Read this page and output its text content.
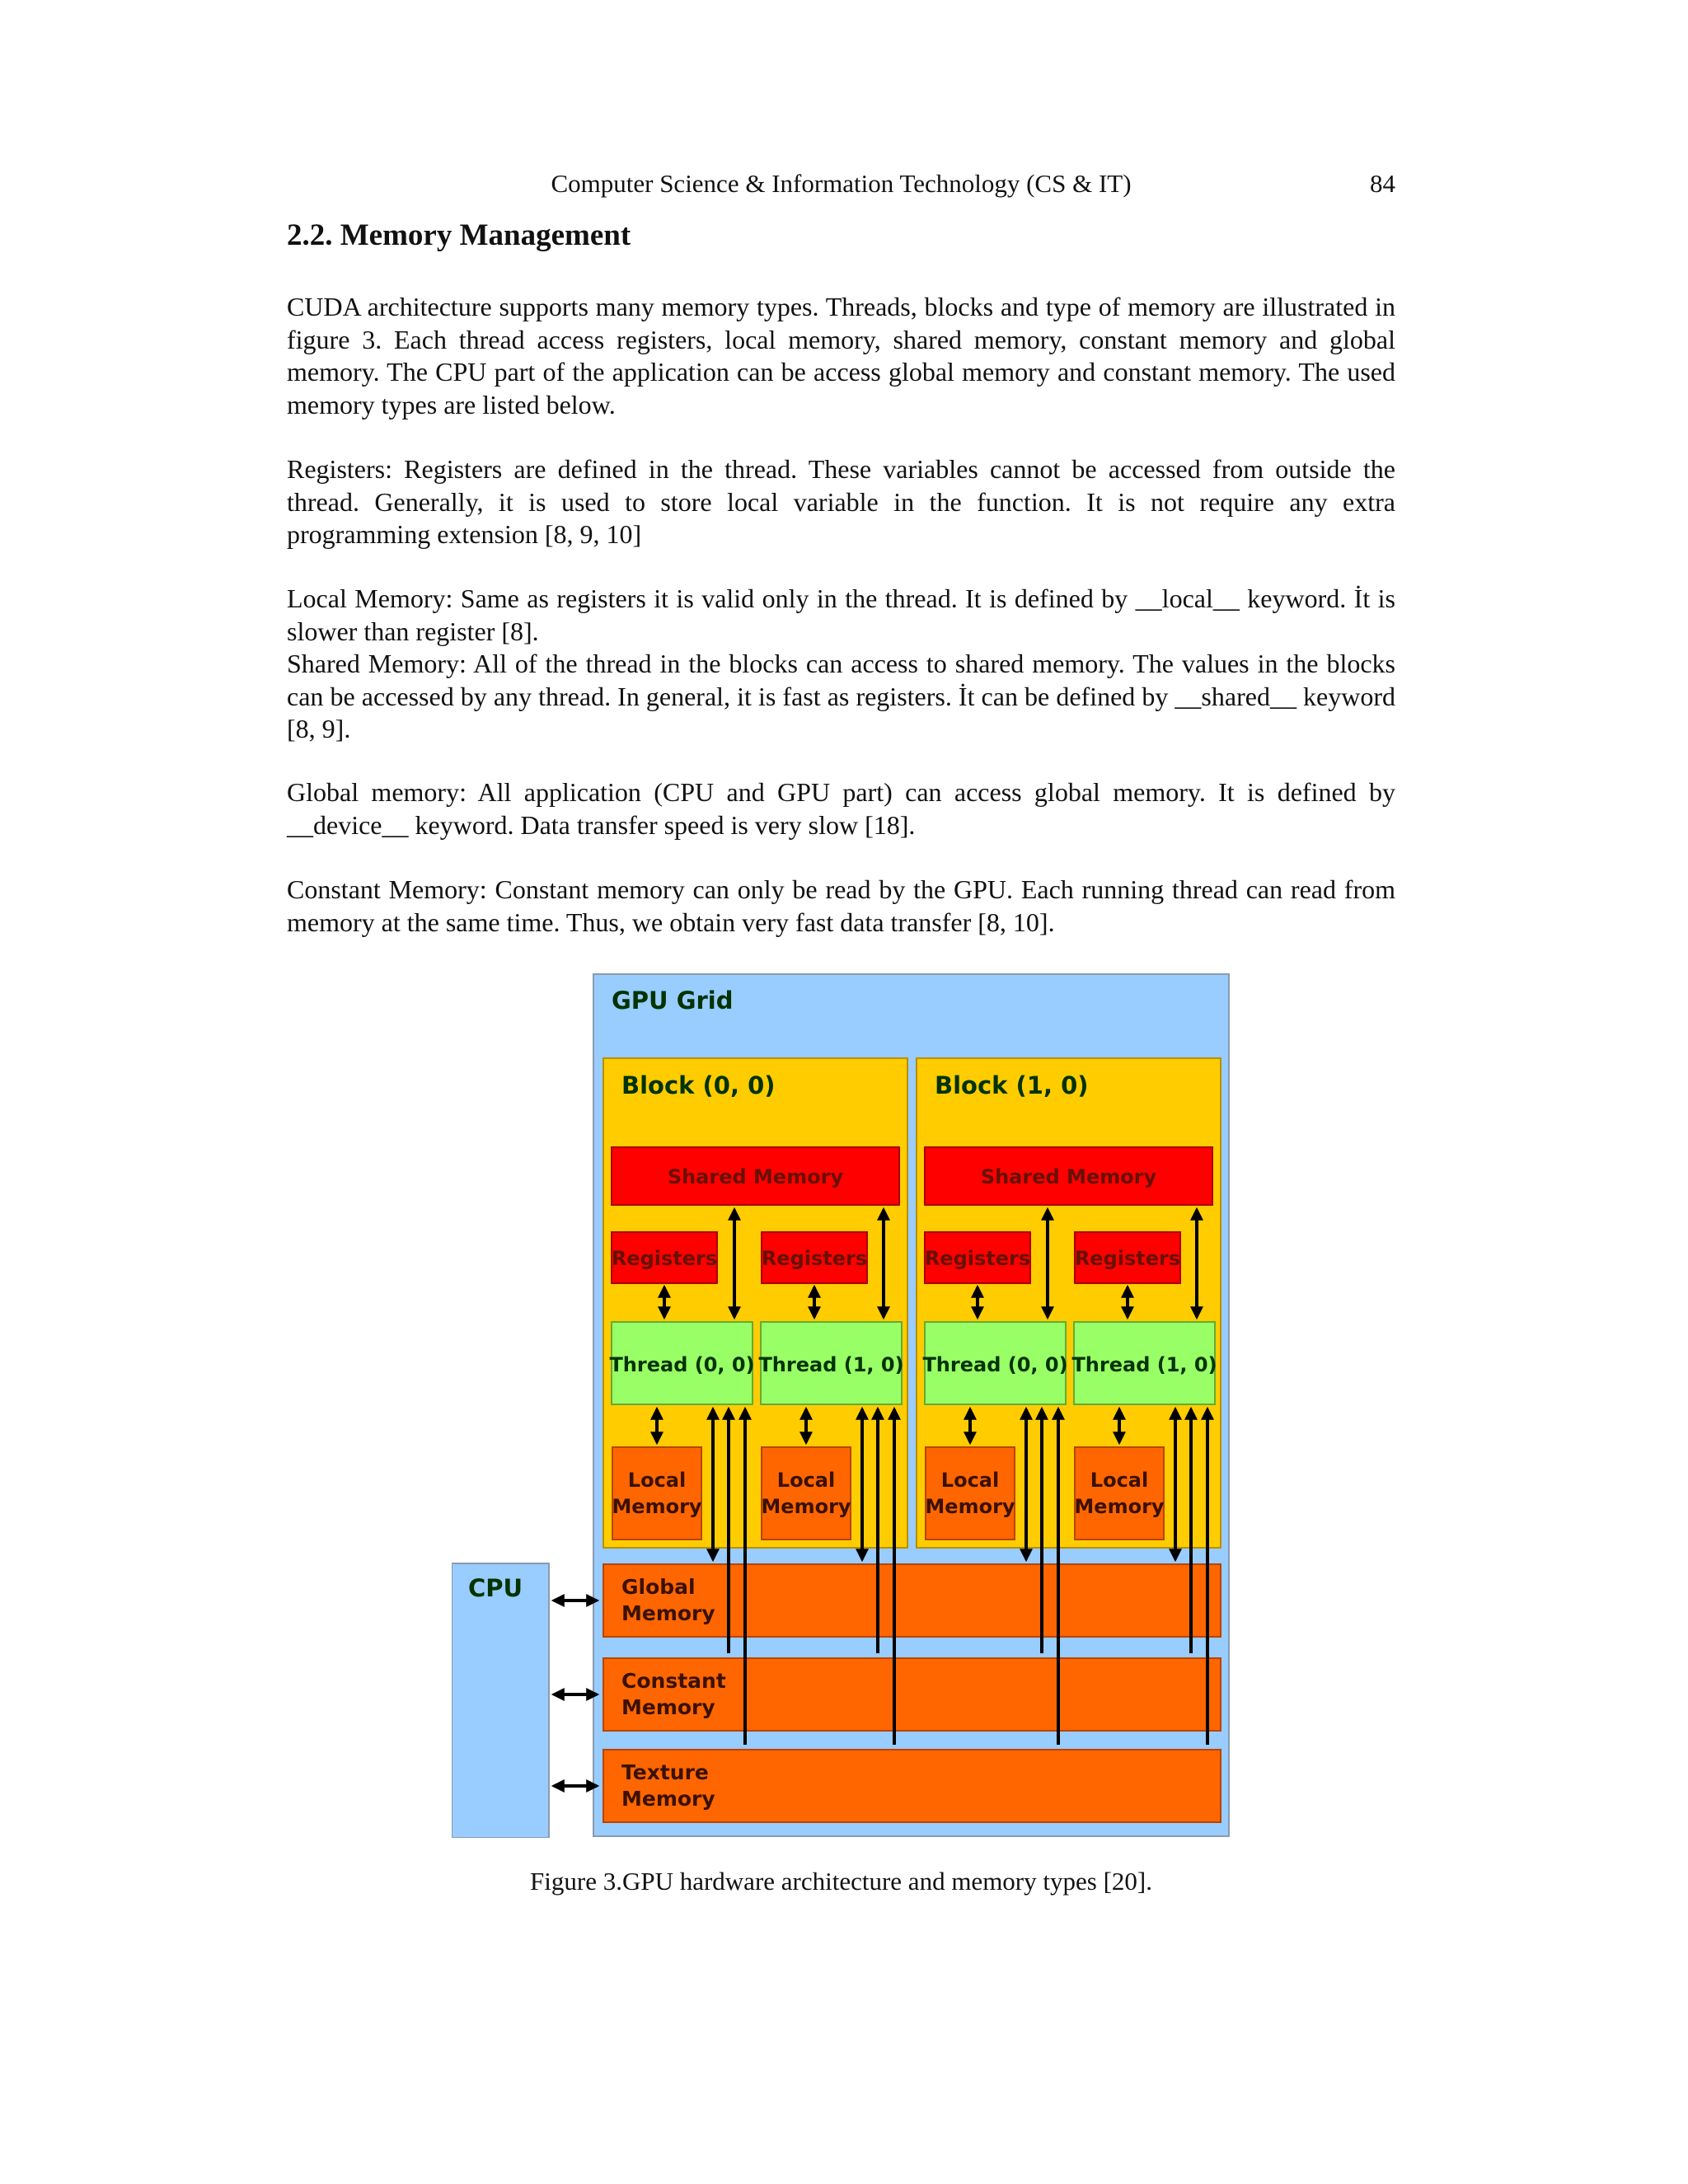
Computer Science & Information Technology (CS & IT)	84
2.2. Memory Management

CUDA architecture supports many memory types. Threads, blocks and type of memory are illustrated in figure 3. Each thread access registers, local memory, shared memory, constant memory and global memory. The CPU part of the application can be access global memory and constant memory. The used memory types are listed below.

Registers: Registers are defined in the thread. These variables cannot be accessed from outside the thread. Generally, it is used to store local variable in the function. It is not require any extra programming extension [8, 9, 10]

Local Memory: Same as registers it is valid only in the thread. It is defined by __local__ keyword. İt is slower than register [8].

Shared Memory: All of the thread in the blocks can access to shared memory. The values in the blocks can be accessed by any thread. In general, it is fast as registers. İt can be defined by __shared__ keyword [8, 9].

Global memory: All application (CPU and GPU part) can access global memory. It is defined by __device__ keyword. Data transfer speed is very slow [18].

Constant Memory: Constant memory can only be read by the GPU. Each running thread can read from memory at the same time. Thus, we obtain very fast data transfer [8, 10].

CPU
GPU Grid
Block (0, 0)
Shared Memory
Registers Registers
Thread (0, 0) Thread (1, 0)
Local
Memory
Local
Memory
Block (1, 0)
Shared Memory
Registers Registers
Thread (0, 0) Thread (1, 0)
Local
Memory
Local
Memory
Global
Memory
Constant
Memory
Texture
Memory
Figure 3.GPU hardware architecture and memory types [20].
